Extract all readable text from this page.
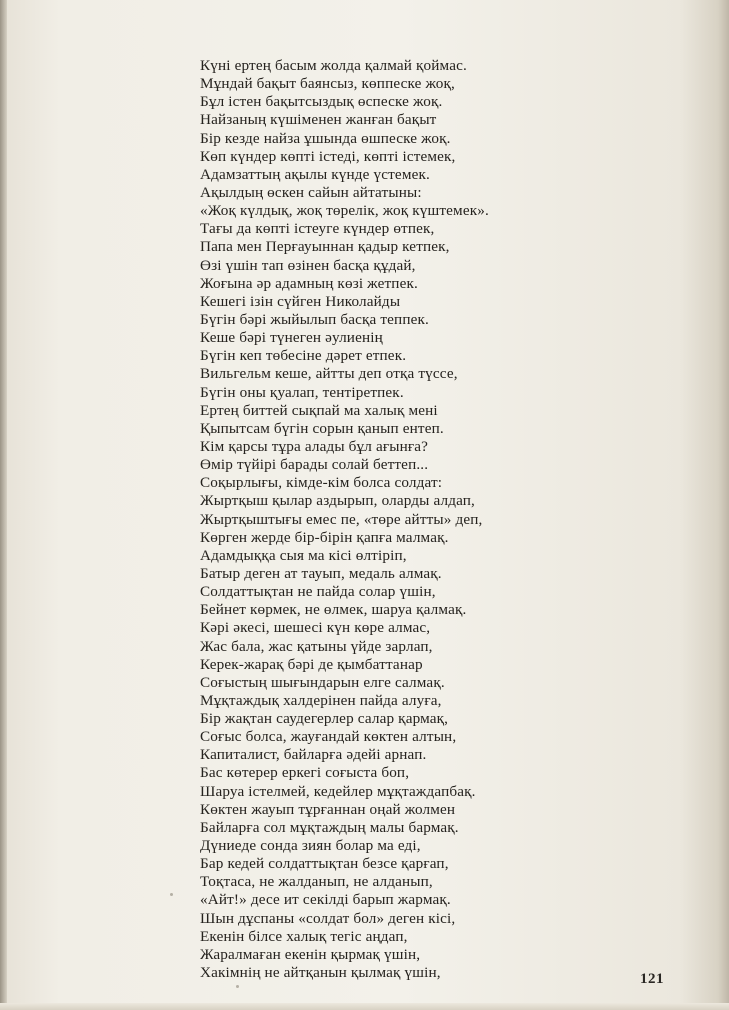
Күні ертең басым жолда қалмай қоймас.
Мұндай бақыт баянсыз, көппеске жоқ,
Бұл істен бақытсыздық өспеске жоқ.
Найзаның күшіменен жанған бақыт
Бір кезде найза ұшында өшпеске жоқ.
Көп күндер көпті істеді, көпті істемек,
Адамзаттың ақылы күнде үстемек.
Ақылдың өскен сайын айтатыны:
«Жоқ күлдық, жоқ төрелік, жоқ күштемек».
Тағы да көпті істеуге күндер өтпек,
Папа мен Перғауыннан қадыр кетпек,
Өзі үшін тап өзінен басқа құдай,
Жоғына әр адамның көзі жетпек.
Кешегі ізін сүйген Николайды
Бүгін бәрі жыйылып басқа теппек.
Кеше бәрі түнеген әулиенің
Бүгін кеп төбесіне дәрет етпек.
Вильгельм кеше, айтты деп отқа түссе,
Бүгін оны қуалап, тентіретпек.
Ертең биттей сықпай ма халық мені
Қыпытсам бүгін сорын қанып ентеп.
Кім қарсы тұра алады бұл ағынға?
Өмір түйірі барады солай беттеп...
Соқырлығы, кімде-кім болса солдат:
Жыртқыш қылар аздырып, оларды алдап,
Жыртқыштығы емес пе, «төре айтты» деп,
Көрген жерде бір-бірін қапға малмақ.
Адамдыққа сыя ма кісі өлтіріп,
Батыр деген ат тауып, медаль алмақ.
Солдаттықтан не пайда солар үшін,
Бейнет көрмек, не өлмек, шаруа қалмақ.
Кәрі әкесі, шешесі күн көре алмас,
Жас бала, жас қатыны үйде зарлап,
Керек-жарақ бәрі де қымбаттанар
Соғыстың шығындарын елге салмақ.
Мұқтаждық халдерінен пайда алуға,
Бір жақтан саудегерлер салар қармақ,
Соғыс болса, жауғандай көктен алтын,
Капиталист, байларға әдейі арнап.
Бас көтерер еркегі соғыста боп,
Шаруа істелмей, кедейлер мұқтаждапбақ.
Көктен жауып тұрғаннан оңай жолмен
Байларға сол мұқтаждың малы бармақ.
Дүниеде сонда зиян болар ма еді,
Бар кедей солдаттықтан безсе қарғап,
Тоқтаса, не жалданып, не алданып,
«Айт!» десе ит секілді барып жармақ.
Шын дұспаны «солдат бол» деген кісі,
Екенін білсе халық тегіс аңдап,
Жаралмаған екенін қырмақ үшін,
Хакімнің не айтқанын қылмақ үшін,	121
